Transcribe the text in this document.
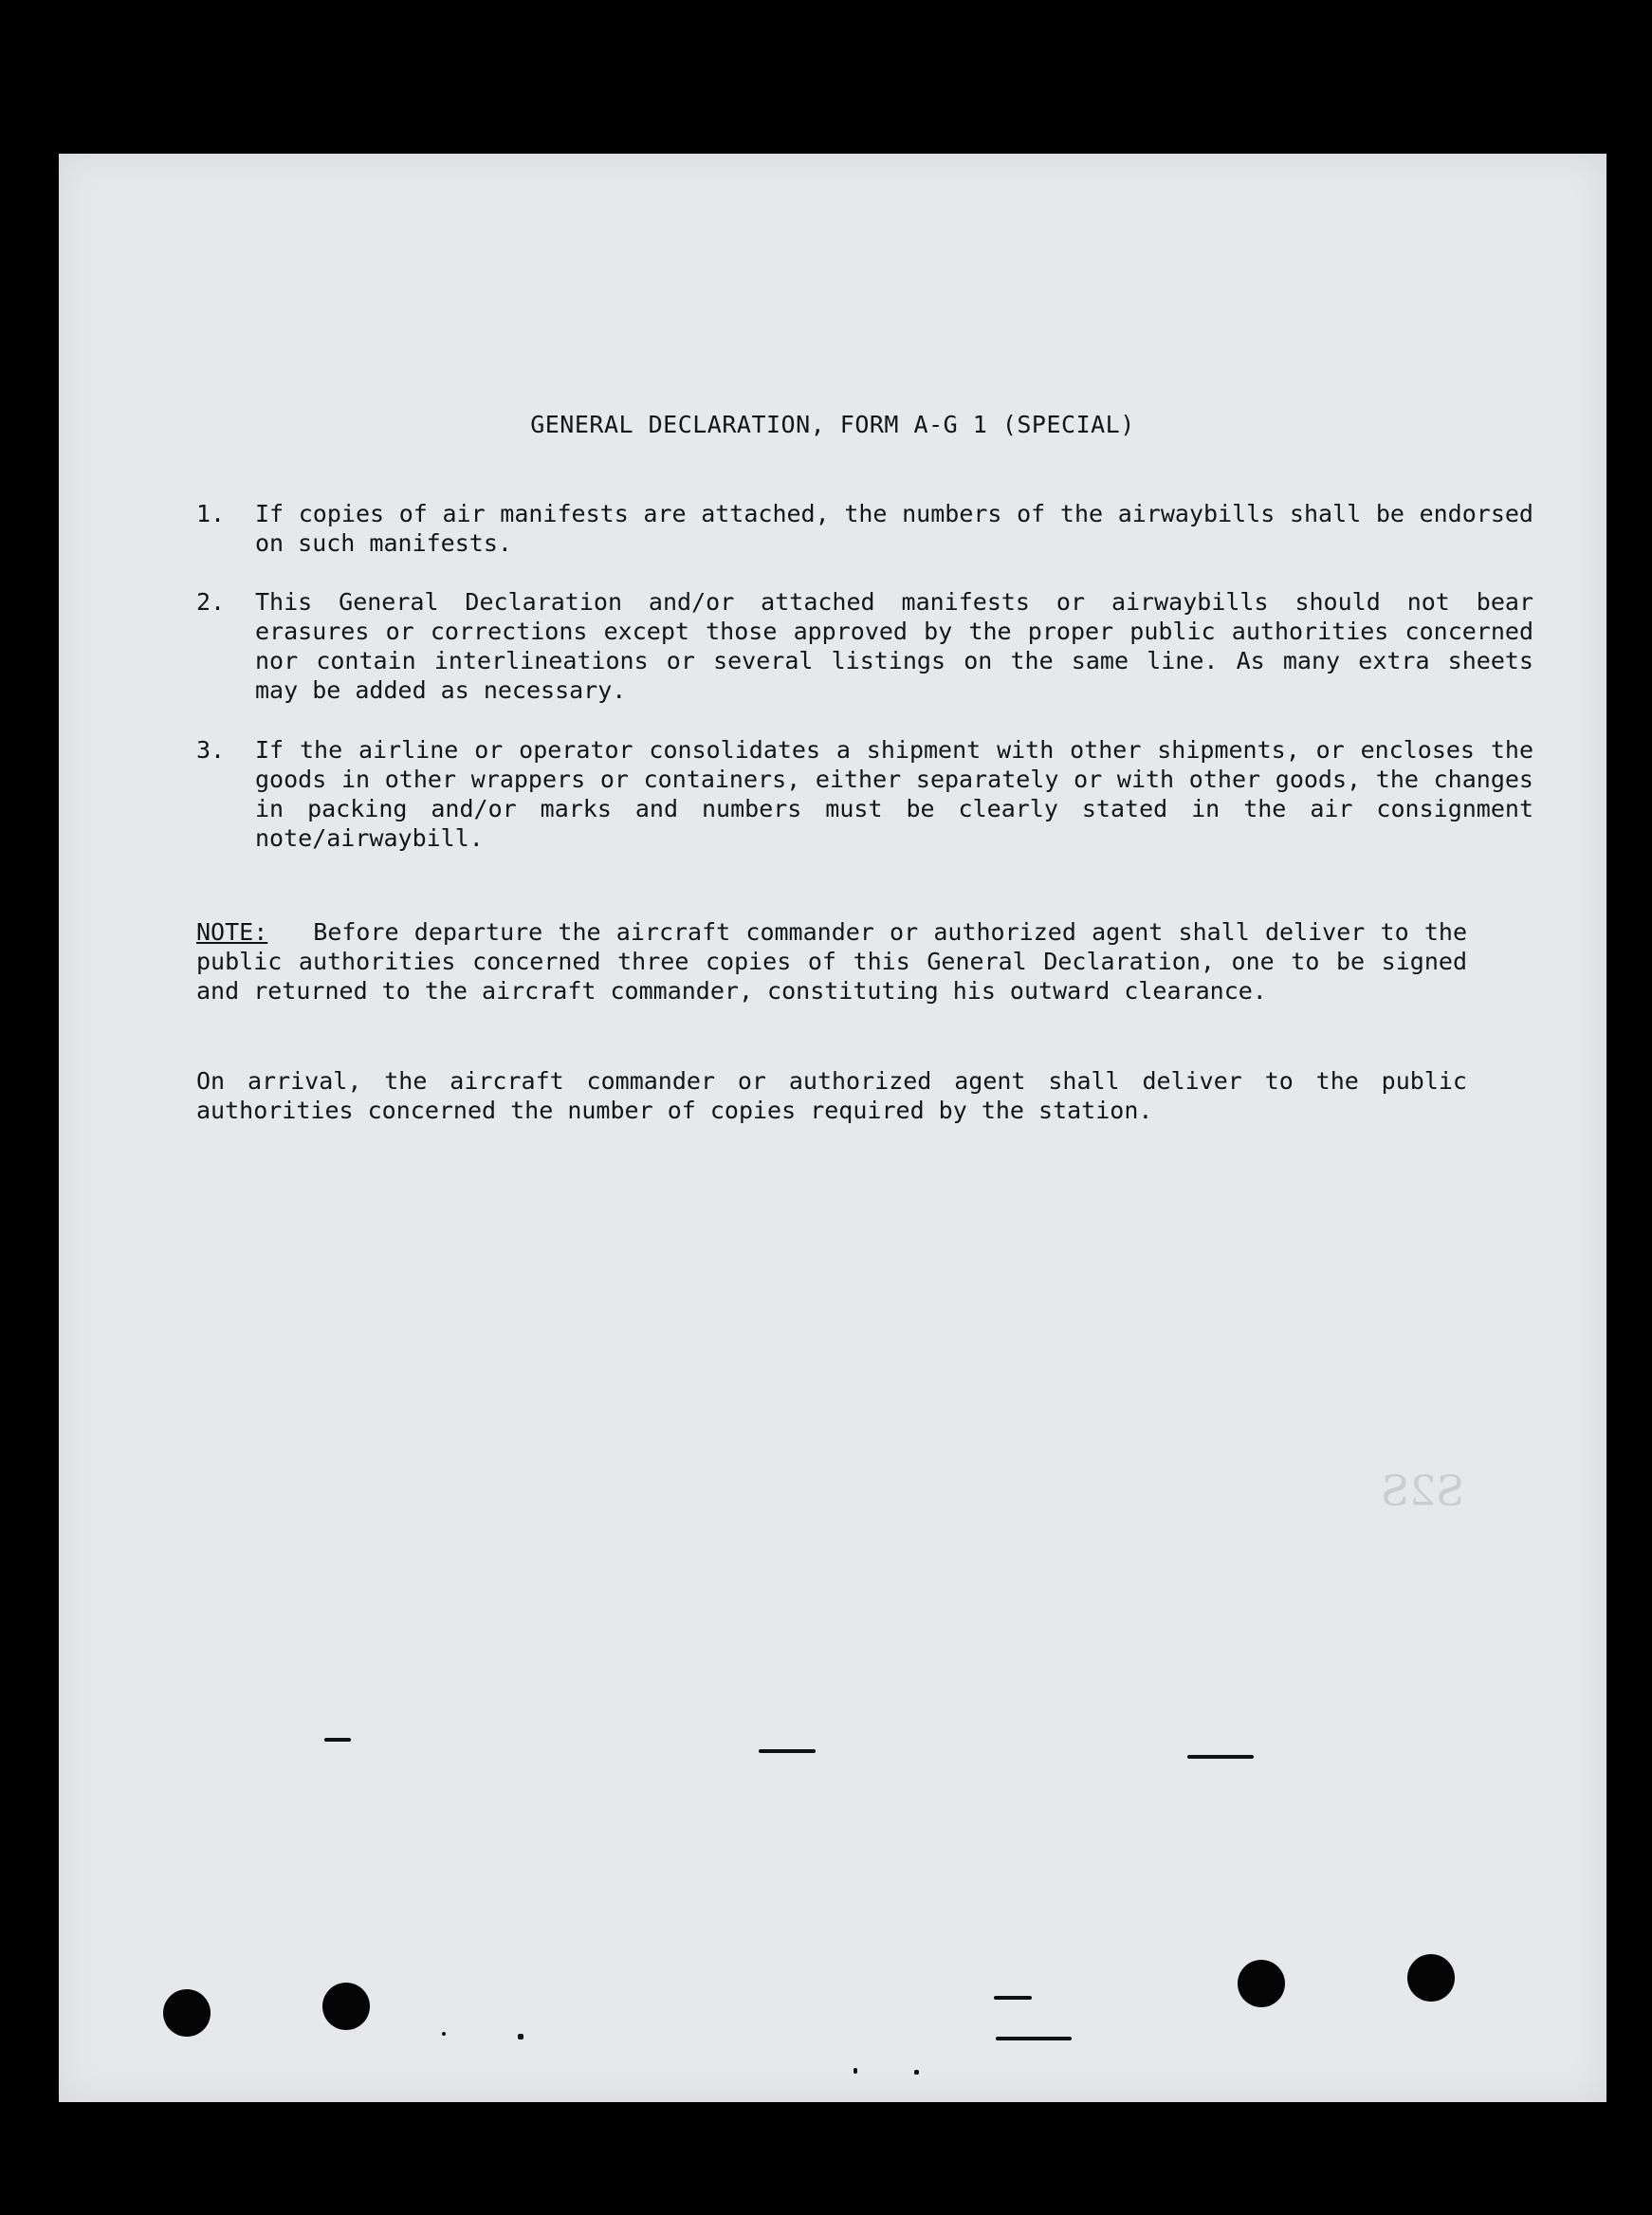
GENERAL DECLARATION, FORM A-G 1 (SPECIAL)
1.	If copies of air manifests are attached, the numbers of the airwaybills shall be endorsed on such manifests.
2.	This General Declaration and/or attached manifests or airwaybills should not bear erasures or corrections except those approved by the proper public authorities concerned nor contain interlineations or several listings on the same line. As many extra sheets may be added as necessary.
3.	If the airline or operator consolidates a shipment with other shipments, or encloses the goods in other wrappers or containers, either separately or with other goods, the changes in packing and/or marks and numbers must be clearly stated in the air consignment note/airwaybill.
NOTE: Before departure the aircraft commander or authorized agent shall deliver to the public authorities concerned three copies of this General Declaration, one to be signed and returned to the aircraft commander, constituting his outward clearance.
On arrival, the aircraft commander or authorized agent shall deliver to the public authorities concerned the number of copies required by the station.
S2S
